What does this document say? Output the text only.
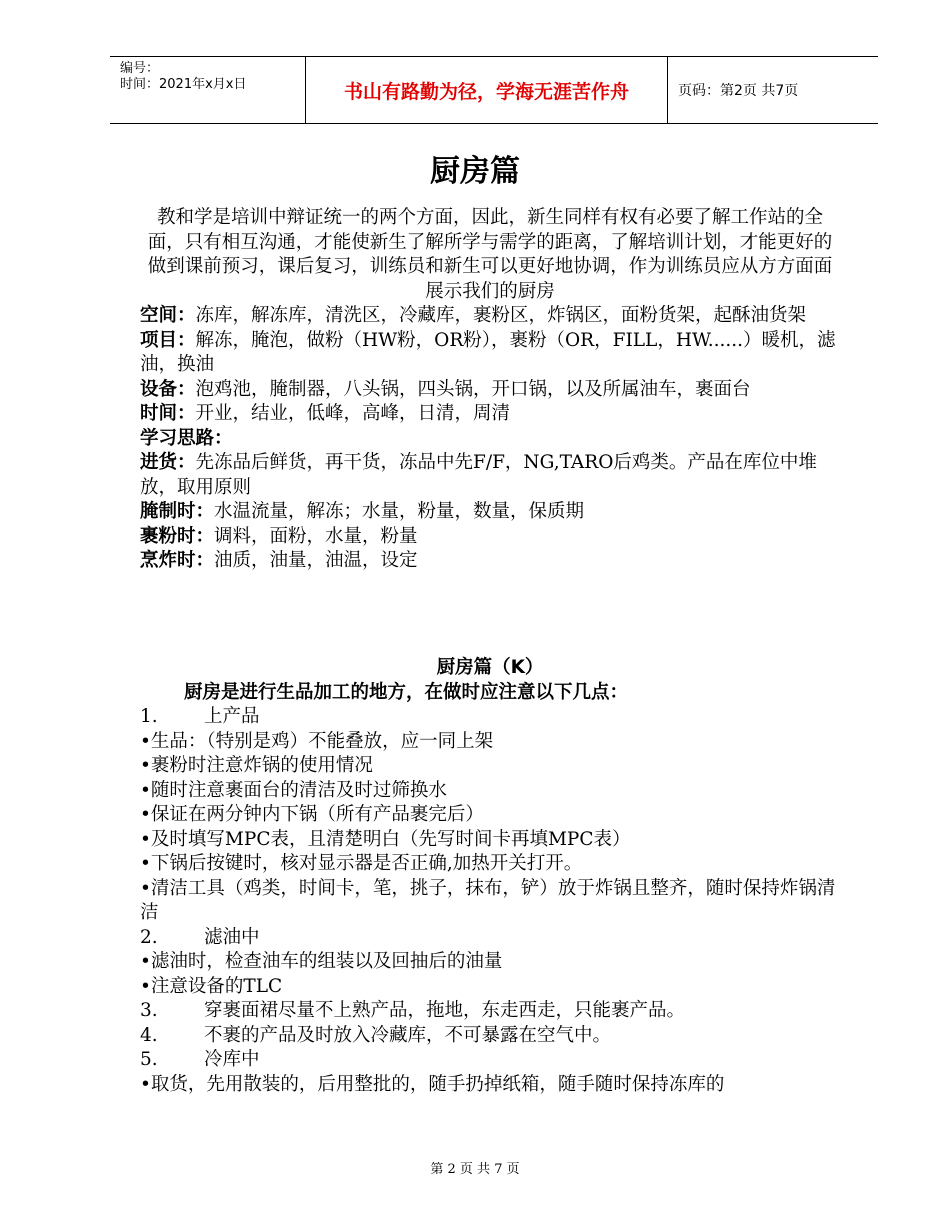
编号：
时间：2021年x月x日	书山有路勤为径，学海无涯苦作舟	页码：第2页 共7页
厨房篇

教和学是培训中辩证统一的两个方面，因此，新生同样有权有必要了解工作站的全面，只有相互沟通，才能使新生了解所学与需学的距离，了解培训计划，才能更好的做到课前预习，课后复习，训练员和新生可以更好地协调，作为训练员应从方方面面展示我们的厨房

空间：冻库，解冻库，清洗区，冷藏库，裹粉区，炸锅区，面粉货架，起酥油货架

项目：解冻，腌泡，做粉（HW粉，OR粉），裹粉（OR，FILL，HW......）暖机，滤油，换油

设备：泡鸡池，腌制器，八头锅，四头锅，开口锅，以及所属油车，裹面台

时间：开业，结业，低峰，高峰，日清，周清

学习思路：

进货：先冻品后鲜货，再干货，冻品中先F/F，NG,TARO后鸡类。产品在库位中堆放，取用原则

腌制时：水温流量，解冻；水量，粉量，数量，保质期

裹粉时：调料，面粉，水量，粉量

烹炸时：油质，油量，油温，设定

厨房篇（K）
厨房是进行生品加工的地方，在做时应注意以下几点：
1.	上产品
• 生品：（特别是鸡）不能叠放，应一同上架
• 裹粉时注意炸锅的使用情况
• 随时注意裹面台的清洁及时过筛换水
• 保证在两分钟内下锅（所有产品裹完后）
• 及时填写MPC表，且清楚明白（先写时间卡再填MPC表）
• 下锅后按键时，核对显示器是否正确,加热开关打开。
• 清洁工具（鸡类，时间卡，笔，挑子，抹布，铲）放于炸锅且整齐，随时保持炸锅清洁
2.	滤油中
• 滤油时，检查油车的组装以及回抽后的油量
• 注意设备的TLC
3.	穿裹面裙尽量不上熟产品，拖地，东走西走，只能裹产品。
4.	不裹的产品及时放入冷藏库，不可暴露在空气中。
5.	冷库中
• 取货，先用散装的，后用整批的，随手扔掉纸箱，随手随时保持冻库的
第 2 页 共 7 页
